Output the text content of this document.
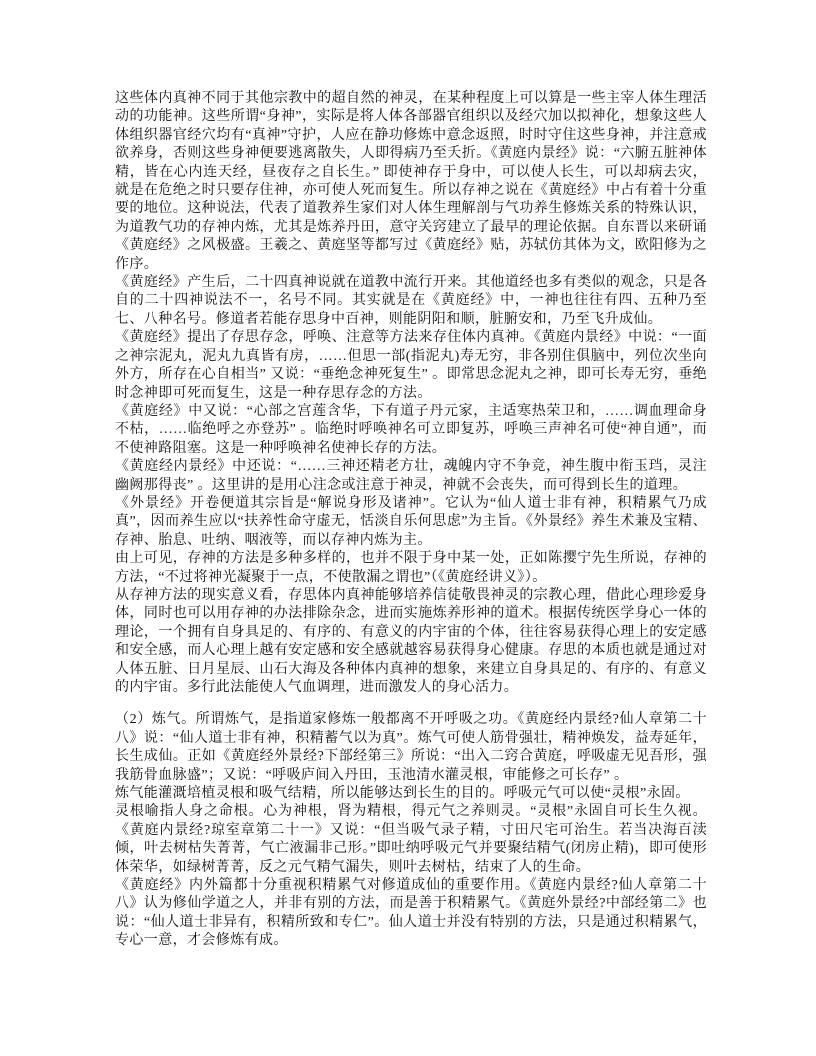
这些体内真神不同于其他宗教中的超自然的神灵，在某种程度上可以算是一些主宰人体生理活动的功能神。这些所谓“身神”，实际是将人体各部器官组织以及经穴加以拟神化，想象这些人体组织器官经穴均有“真神”守护，人应在静功修炼中意念返照，时时守住这些身神，并注意戒欲养身，否则这些身神便要逃离散失，人即得病乃至夭折。《黄庭内景经》说：“六腑五脏神体精，皆在心内连天经，昼夜存之自长生。” 即使神存于身中，可以使人长生，可以却病去灾，就是在危绝之时只要存住神，亦可使人死而复生。所以存神之说在《黄庭经》中占有着十分重要的地位。这种说法，代表了道教养生家们对人体生理解剖与气功养生修炼关系的特殊认识，为道教气功的存神内炼，尤其是炼养丹田，意守关窍建立了最早的理论依据。自东晋以来研诵《黄庭经》之风极盛。王羲之、黄庭坚等都写过《黄庭经》贴，苏轼仿其体为文，欧阳修为之作序。

《黄庭经》产生后，二十四真神说就在道教中流行开来。其他道经也多有类似的观念，只是各自的二十四神说法不一，名号不同。其实就是在《黄庭经》中，一神也往往有四、五种乃至七、八种名号。修道者若能存思身中百神，则能阴阳和顺，脏腑安和，乃至飞升成仙。

《黄庭经》提出了存思存念，呼唤、注意等方法来存住体内真神。《黄庭内景经》中说：“一面之神宗泥丸，泥丸九真皆有房，……但思一部(指泥丸)寿无穷，非各别住俱脑中，列位次坐向外方，所存在心自相当” 又说：“垂绝念神死复生” 。即常思念泥丸之神，即可长寿无穷，垂绝时念神即可死而复生，这是一种存思存念的方法。

《黄庭经》中又说：“心部之宫莲含华，下有道子丹元家，主适寒热荣卫和，……调血理命身不枯，……临绝呼之亦登苏” 。临绝时呼唤神名可立即复苏，呼唤三声神名可使“神自通”，而不使神路阻塞。这是一种呼唤神名使神长存的方法。

《黄庭经内景经》中还说：“……三神还精老方壮，魂魄内守不争竞，神生腹中衔玉珰，灵注幽阙那得丧” 。这里讲的是用心注念或注意于神灵，神就不会丧失，而可得到长生的道理。

《外景经》开卷便道其宗旨是“解说身形及诸神”。它认为“仙人道士非有神，积精累气乃成真”，因而养生应以“扶养性命守虚无，恬淡自乐何思虑”为主旨。《外景经》养生术兼及宝精、存神、胎息、吐纳、咽液等，而以存神内炼为主。

由上可见，存神的方法是多种多样的，也并不限于身中某一处，正如陈撄宁先生所说，存神的方法，“不过将神光凝聚于一点，不使散漏之谓也”（《黄庭经讲义》）。

从存神方法的现实意义看，存思体内真神能够培养信徒敬畏神灵的宗教心理，借此心理珍爱身体，同时也可以用存神的办法排除杂念，进而实施炼养形神的道术。根据传统医学身心一体的理论，一个拥有自身具足的、有序的、有意义的内宇宙的个体，往往容易获得心理上的安定感和安全感，而人心理上越有安定感和安全感就越容易获得身心健康。存思的本质也就是通过对人体五脏、日月星辰、山石大海及各种体内真神的想象，来建立自身具足的、有序的、有意义的内宇宙。多行此法能使人气血调理，进而激发人的身心活力。

（2）炼气。所谓炼气，是指道家修炼一般都离不开呼吸之功。《黄庭经内景经?仙人章第二十八》说：“仙人道士非有神，积精蓄气以为真”。炼气可使人筋骨强壮，精神焕发，益寿延年，长生成仙。正如《黄庭经外景经?下部经第三》所说：“出入二窍合黄庭，呼吸虚无见吾形，强我筋骨血脉盛”；又说：“呼吸庐间入丹田，玉池清水灌灵根，审能修之可长存” 。

炼气能灌溉培植灵根和吸气结精，所以能够达到长生的目的。呼吸元气可以使“灵根”永固。

灵根喻指人身之命根。心为神根，肾为精根，得元气之养则灵。“灵根”永固自可长生久视。《黄庭内景经?琼室章第二十一》又说：“但当吸气录子精，寸田尺宅可治生。若当决海百渎倾，叶去树枯失菁菁，气亡液漏非己形。”即吐纳呼吸元气并要聚结精气(闭房止精)，即可使形体荣华，如绿树菁菁，反之元气精气漏失，则叶去树枯，结束了人的生命。

《黄庭经》内外篇都十分重视积精累气对修道成仙的重要作用。《黄庭内景经?仙人章第二十八》认为修仙学道之人，并非有别的方法，而是善于积精累气。《黄庭外景经?中部经第二》也说：“仙人道士非异有，积精所致和专仁”。仙人道士并没有特别的方法，只是通过积精累气，专心一意，才会修炼有成。
